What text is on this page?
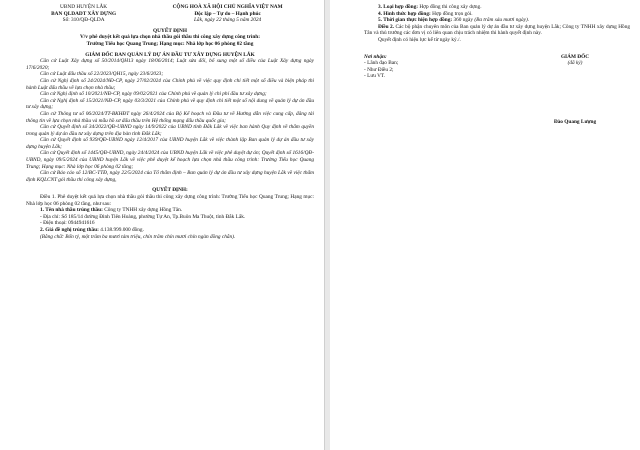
UBND HUYỆN LẮK

BAN QLDADT XÂY DỰNG

Số: 310/QĐ-QLDA

CỘNG HOÀ XÃ HỘI CHỦ NGHĨA VIỆT NAM

Độc lập – Tự do – Hạnh phúc

Lắk, ngày 22 tháng 5 năm 2024

QUYẾT ĐỊNH

V/v phê duyệt kết quả lựa chọn nhà thầu gói thầu thi công xây dựng công trình:

Trường Tiểu học Quang Trung; Hạng mục: Nhà lớp học 06 phòng 02 tầng

GIÁM ĐỐC BAN QUẢN LÝ DỰ ÁN ĐẦU TƯ XÂY DỰNG HUYỆN LẮK

Căn cứ Luật Xây dựng số 50/2014/QH13 ngày 18/06/2014; Luật sửa đổi, bổ sung một số điều của Luật Xây dựng ngày 17/6/2020;

Căn cứ Luật đấu thầu số 22/2023/QH15, ngày 23/6/2023;

Căn cứ Nghị định số 24/2024/NĐ-CP, ngày 27/02/2024 của Chính phủ về việc quy định chi tiết một số điều và biện pháp thi hành Luật đấu thầu về lựa chọn nhà thầu;

Căn cứ Nghị định số 10/2021/NĐ-CP, ngày 09/02/2021 của Chính phủ về quản lý chi phí đầu tư xây dựng;

Căn cứ Nghị định số 15/2021/NĐ-CP, ngày 03/3/2021 của Chính phủ về quy định chi tiết một số nội dung về quản lý dự án đầu tư xây dựng;

Căn cứ Thông tư số 06/2024/TT-BKHĐT ngày 26/4/2024 của Bộ Kế hoạch và Đầu tư về Hướng dẫn việc cung cấp, đăng tải thông tin về lựa chọn nhà thầu và mẫu hồ sơ đấu thầu trên Hệ thống mạng đấu thầu quốc gia;

Căn cứ Quyết định số 34/2022/QĐ-UBND ngày 14/9/2022 của UBND tỉnh Đắk Lắk về việc ban hành Quy định về thẩm quyền trong quản lý dự án đầu tư xây dựng trên địa bàn tỉnh Đắk Lắk;

Căn cứ Quyết định số 939/QĐ-UBND ngày 12/4/2017 của UBND huyện Lắk về việc thành lập Ban quản lý dự án đầu tư xây dựng huyện Lắk;

Căn cứ Quyết định số 1445/QĐ-UBND, ngày 24/4/2024 của UBND huyện Lắk về việc phê duyệt dự án; Quyết định số 1616/QĐ-UBND, ngày 09/5/2024 của UBND huyện Lắk về việc phê duyệt kế hoạch lựa chọn nhà thầu công trình: Trường Tiểu học Quang Trung; Hạng mục: Nhà lớp học 06 phòng 02 tầng;

Căn cứ Báo cáo số 12/BC-TTĐ, ngày 22/5/2024 của Tổ thẩm định – Ban quản lý dự án đầu tư xây dựng huyện Lắk về việc thẩm định KQLCNT gói thầu thi công xây dựng,

QUYẾT ĐỊNH:

Điều 1. Phê duyệt kết quả lựa chọn nhà thầu gói thầu thi công xây dựng công trình: Trường Tiểu học Quang Trung; Hạng mục: Nhà lớp học 06 phòng 02 tầng, như sau:

1. Tên nhà thầu trúng thầu: Công ty TNHH xây dựng Hồng Tân.

- Địa chỉ: Số 185/14 đường Đinh Tiên Hoàng, phường Tự An, Tp.Buôn Ma Thuột, tỉnh Đắk Lắk.

- Điện thoại: 0944941616

2. Giá đề nghị trúng thầu: 4.138.999.000 đồng.

(Bằng chữ: Bốn tỷ, một trăm ba mươi tám triệu, chín trăm chín mươi chín ngàn đồng chẵn).

3. Loại hợp đồng: Hợp đồng thi công xây dựng.

4. Hình thức hợp đồng: Hợp đồng trọn gói.

5. Thời gian thực hiện hợp đồng: 360 ngày (Ba trăm sáu mươi ngày).

Điều 2. Các bộ phận chuyên môn của Ban quản lý dự án đầu tư xây dựng huyện Lắk; Công ty TNHH xây dựng Hồng Tân và thủ trưởng các đơn vị có liên quan chịu trách nhiệm thi hành quyết định này.

Quyết định có hiệu lực kể từ ngày ký./.

Nơi nhận:

- Lãnh đạo Ban;

- Như Điều 2;

- Lưu VT.

GIÁM ĐỐC

(đã ký)

Đào Quang Lượng
